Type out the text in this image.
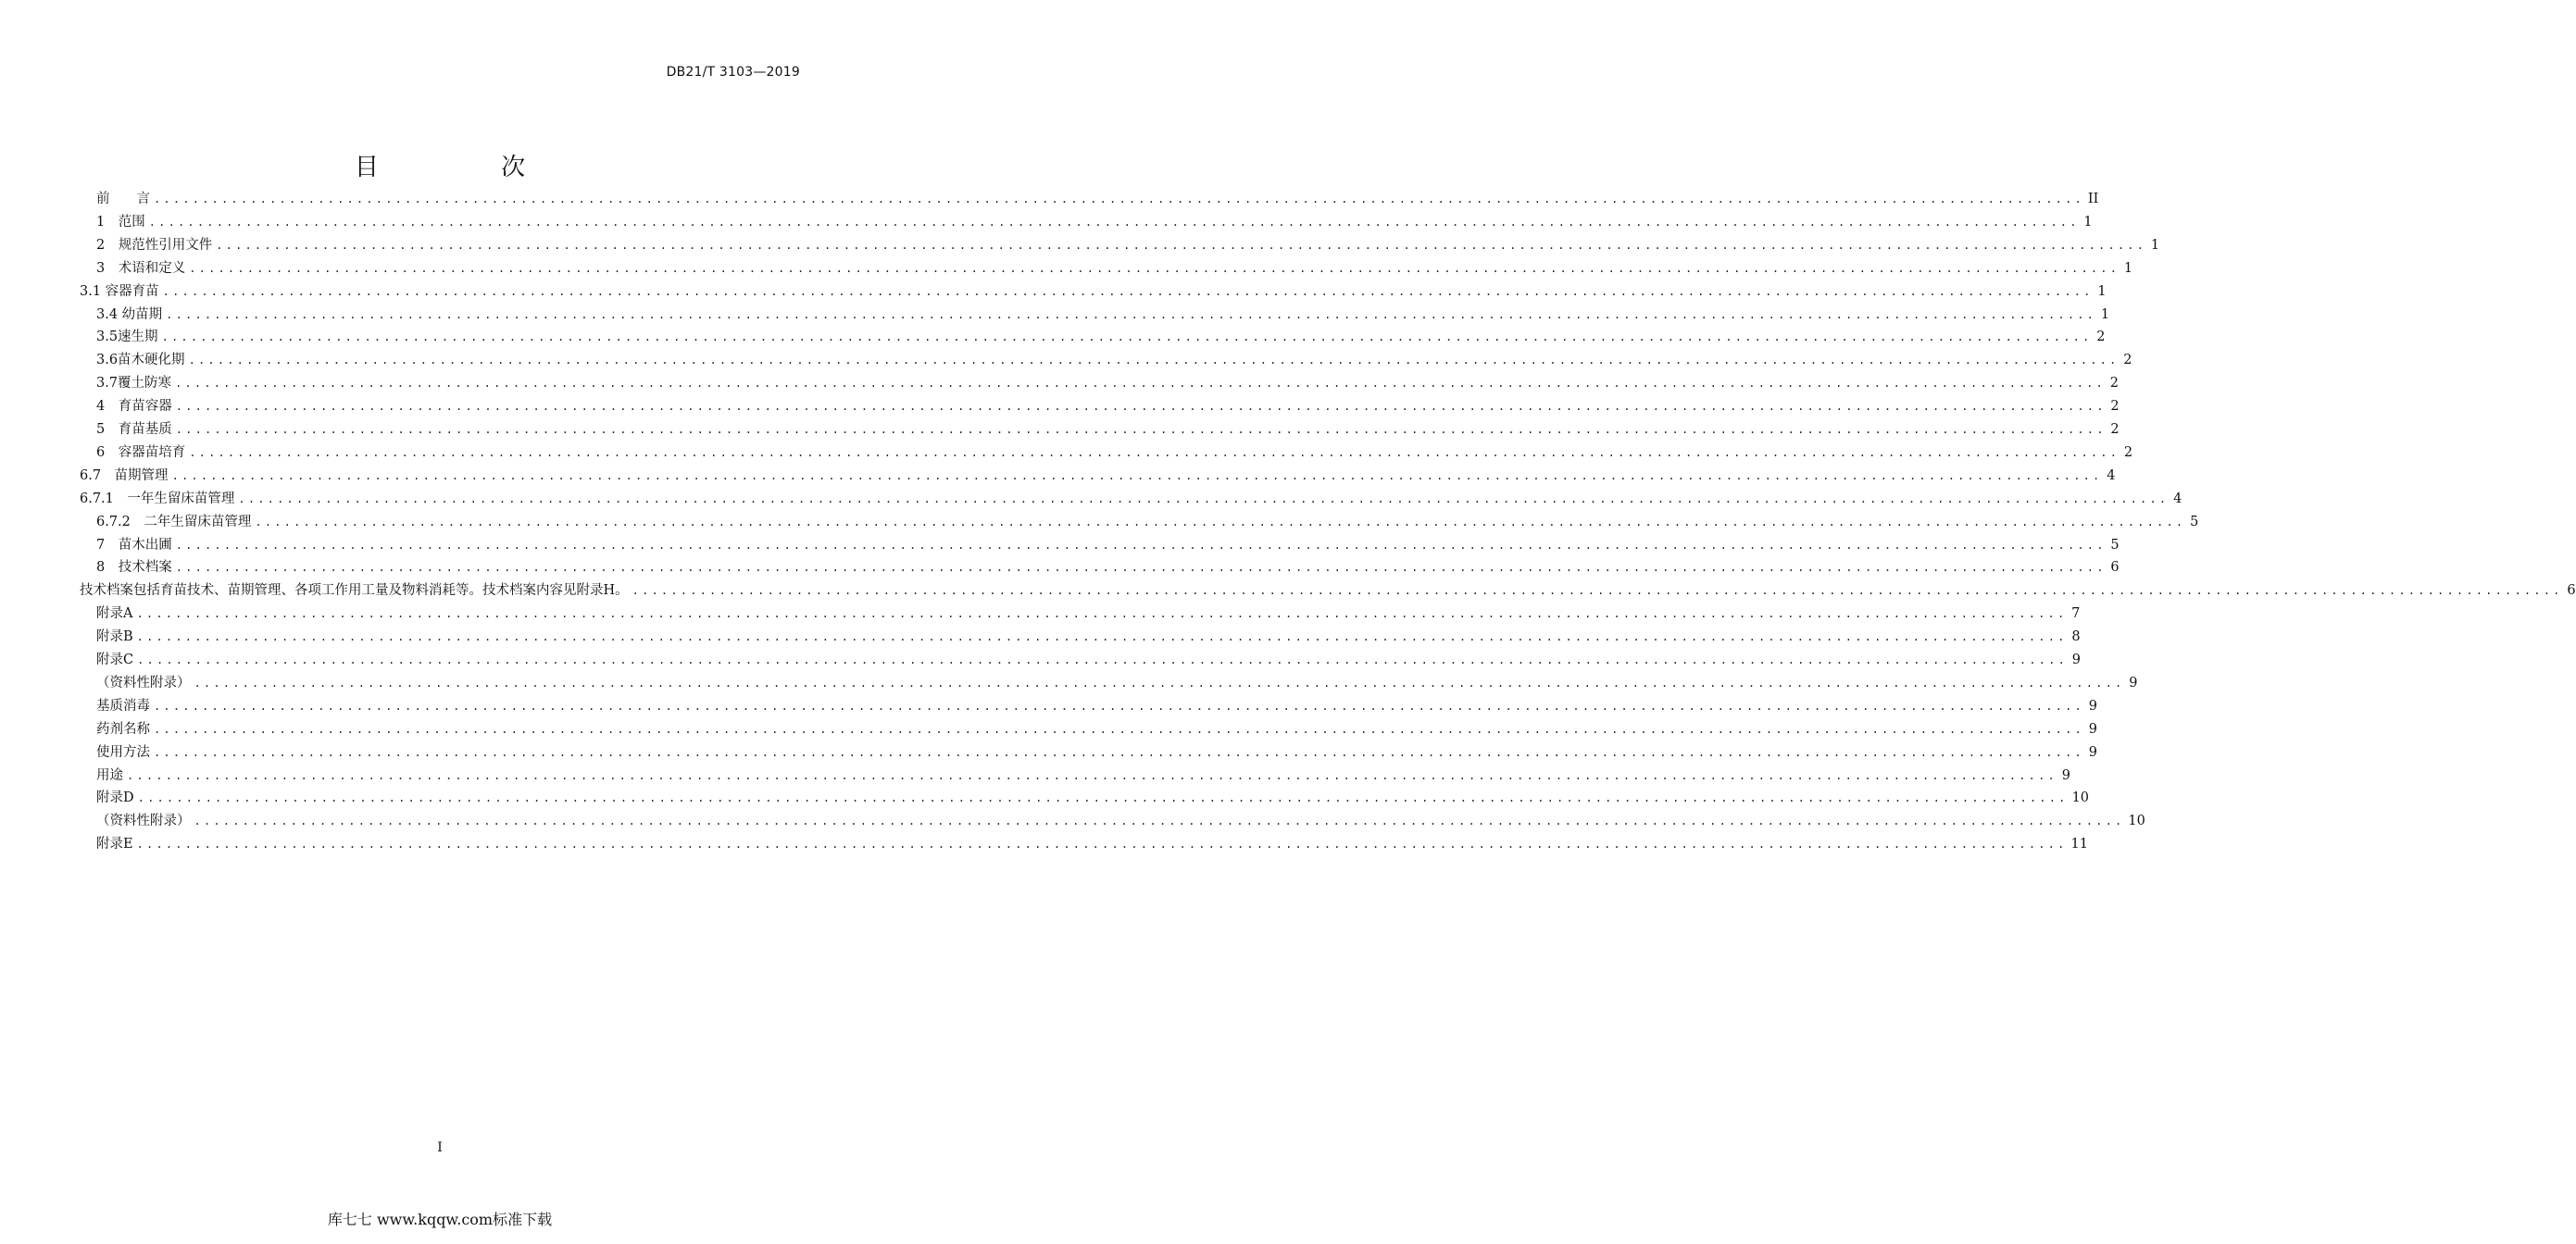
DB21/T 3103—2019
目 次
前　　言 ........................................................................................................................................................................................................ II
1　范围 ........................................................................................................................................................................................................ 1
2　规范性引用文件 ........................................................................................................................................................................................................ 1
3　术语和定义 ........................................................................................................................................................................................................ 1
3.1 容器育苗 ........................................................................................................................................................................................................ 1
3.4 幼苗期 ........................................................................................................................................................................................................ 1
3.5速生期 ........................................................................................................................................................................................................ 2
3.6苗木硬化期 ........................................................................................................................................................................................................ 2
3.7覆土防寒 ........................................................................................................................................................................................................ 2
4　育苗容器 ........................................................................................................................................................................................................ 2
5　育苗基质 ........................................................................................................................................................................................................ 2
6　容器苗培育 ........................................................................................................................................................................................................ 2
6.7　苗期管理 ........................................................................................................................................................................................................ 4
6.7.1　一年生留床苗管理 ........................................................................................................................................................................................................ 4
6.7.2　二年生留床苗管理 ........................................................................................................................................................................................................ 5
7　苗木出圃 ........................................................................................................................................................................................................ 5
8　技术档案 ........................................................................................................................................................................................................ 6
技术档案包括育苗技术、苗期管理、各项工作用工量及物料消耗等。技术档案内容见附录H。 ........................................................................................................................................................................................................ 6
附录A ........................................................................................................................................................................................................ 7
附录B ........................................................................................................................................................................................................ 8
附录C ........................................................................................................................................................................................................ 9
（资料性附录） ........................................................................................................................................................................................................ 9
基质消毒 ........................................................................................................................................................................................................ 9
药剂名称 ........................................................................................................................................................................................................ 9
使用方法 ........................................................................................................................................................................................................ 9
用途 ........................................................................................................................................................................................................ 9
附录D ........................................................................................................................................................................................................ 10
（资料性附录） ........................................................................................................................................................................................................ 10
附录E ........................................................................................................................................................................................................ 11
I
库七七 www.kqqw.com标准下载
